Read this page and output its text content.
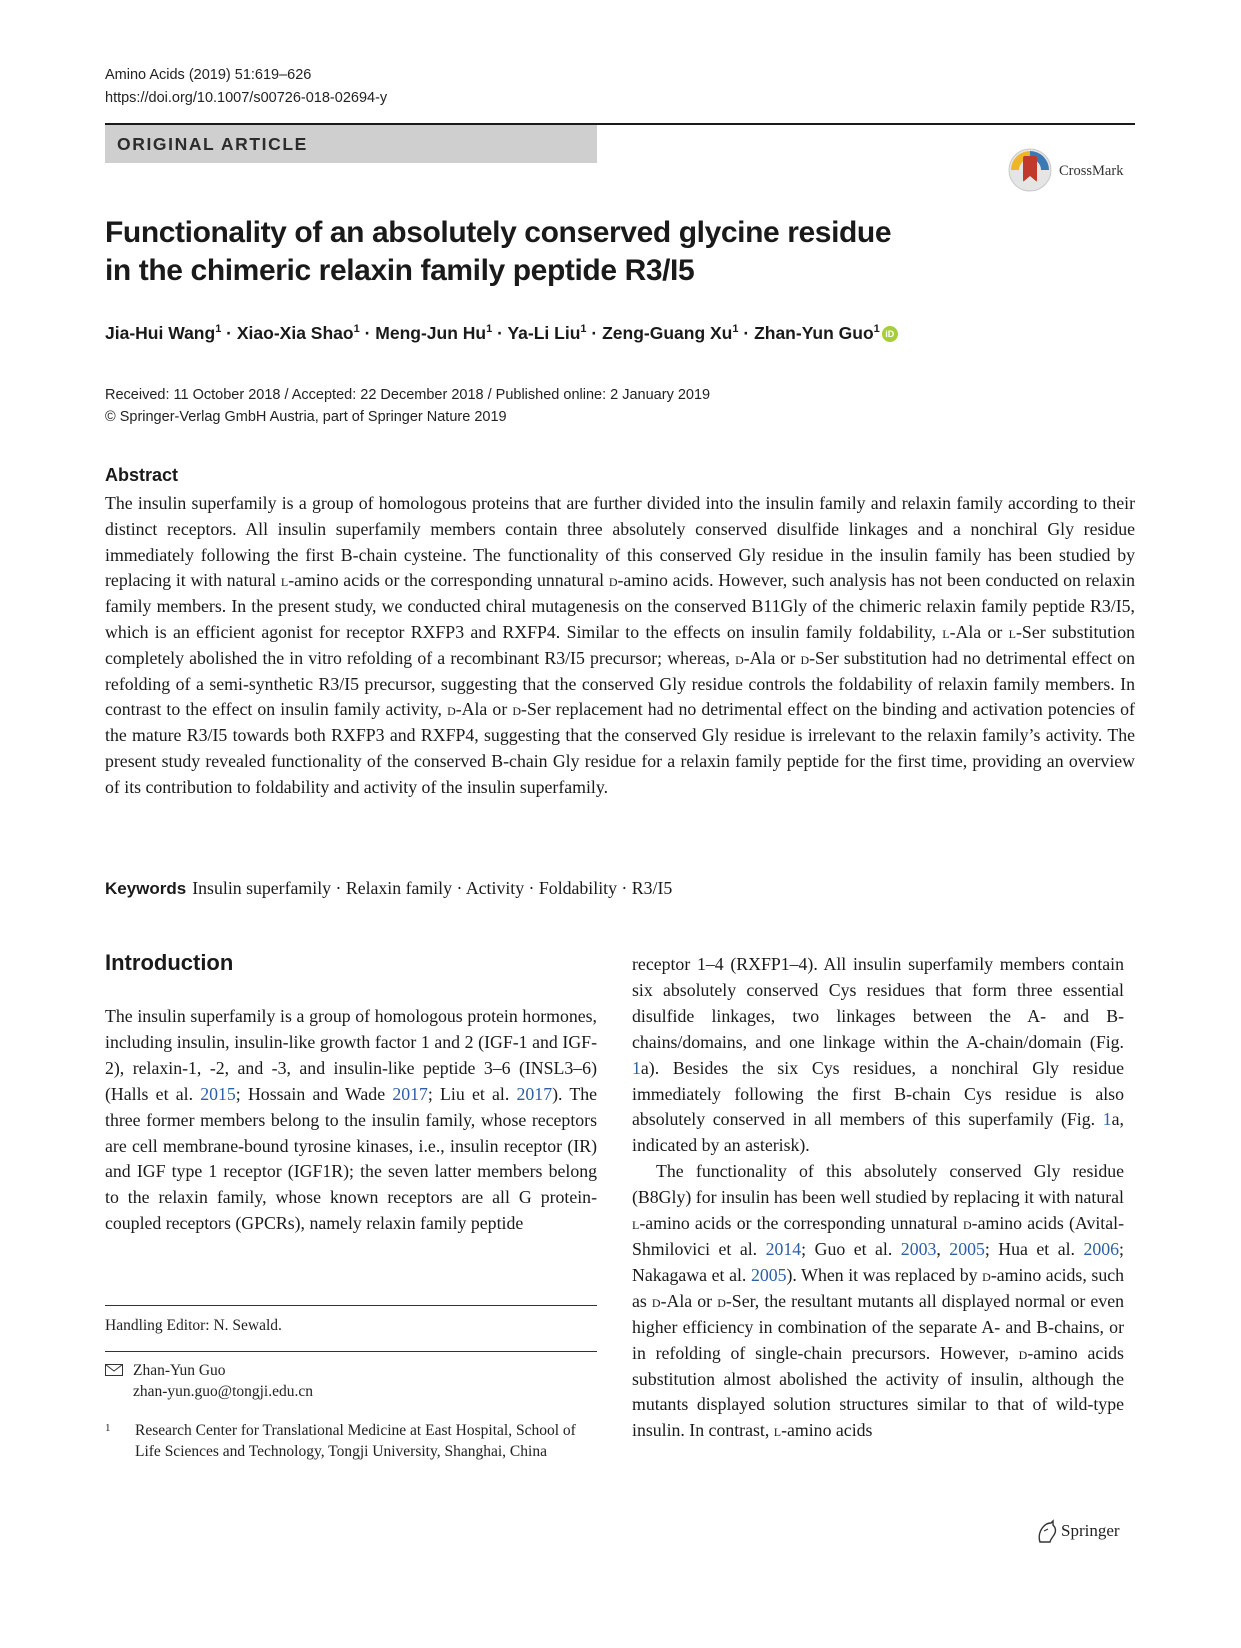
Amino Acids (2019) 51:619–626
https://doi.org/10.1007/s00726-018-02694-y
ORIGINAL ARTICLE
CrossMark
Functionality of an absolutely conserved glycine residue
in the chimeric relaxin family peptide R3/I5
Jia-Hui Wang$^1$ · Xiao-Xia Shao$^1$ · Meng-Jun $Hu^1 \cdot Ya-Li$ Liu$^1$ · Zeng-Guang $Xu^1$ · Zhan-Yun Guo$^1$ iD
Received: 11 October 2018 / Accepted: 22 December 2018 / Published online: 2 January 2019
© Springer-Verlag GmbH Austria, part of Springer Nature 2019
Abstract
The insulin superfamily is a group of homologous proteins that are further divided into the insulin family and relaxin family according to their distinct receptors. All insulin superfamily members contain three absolutely conserved disulfide linkages and a nonchiral Gly residue immediately following the first B-chain cysteine. The functionality of this conserved Gly residue in the insulin family has been studied by replacing it with natural l-amino acids or the corresponding unnatural d-amino acids. However, such analysis has not been conducted on relaxin family members. In the present study, we conducted chiral mutagenesis on the conserved B11Gly of the chimeric relaxin family peptide R3/I5, which is an efficient agonist for receptor RXFP3 and RXFP4. Similar to the effects on insulin family foldability, l-Ala or l-Ser substitution completely abolished the in vitro refolding of a recombinant R3/I5 precursor; whereas, d-Ala or d-Ser substitution had no detrimental effect on refolding of a semi-synthetic R3/I5 precursor, suggesting that the conserved Gly residue controls the foldability of relaxin family members. In contrast to the effect on insulin family activity, d-Ala or d-Ser replacement had no detrimental effect on the binding and activation potencies of the mature R3/I5 towards both RXFP3 and RXFP4, suggesting that the conserved Gly residue is irrelevant to the relaxin family’s activity. The present study revealed functionality of the conserved B-chain Gly residue for a relaxin family peptide for the first time, providing an overview of its contribution to foldability and activity of the insulin superfamily.
Keywords Insulin superfamily · Relaxin family · Activity · Foldability · R3/I5
Introduction

The insulin superfamily is a group of homologous protein hormones, including insulin, insulin-like growth factor 1 and 2 (IGF-1 and IGF-2), relaxin-1, -2, and -3, and insulin-like peptide 3–6 (INSL3–6) (Halls et al. 2015; Hossain and Wade 2017; Liu et al. 2017). The three former members belong to the insulin family, whose receptors are cell membrane-bound tyrosine kinases, i.e., insulin receptor (IR) and IGF type 1 receptor (IGF1R); the seven latter members belong to the relaxin family, whose known receptors are all G protein-coupled receptors (GPCRs), namely relaxin family peptide

receptor 1–4 (RXFP1–4). All insulin superfamily members contain six absolutely conserved Cys residues that form three essential disulfide linkages, two linkages between the A- and B-chains/domains, and one linkage within the A-chain/domain (Fig. 1a). Besides the six Cys residues, a nonchiral Gly residue immediately following the first B-chain Cys residue is also absolutely conserved in all members of this superfamily (Fig. 1a, indicated by an asterisk).

The functionality of this absolutely conserved Gly residue (B8Gly) for insulin has been well studied by replacing it with natural l-amino acids or the corresponding unnatural d-amino acids (Avital-Shmilovici et al. 2014; Guo et al. 2003, 2005; Hua et al. 2006; Nakagawa et al. 2005). When it was replaced by d-amino acids, such as d-Ala or d-Ser, the resultant mutants all displayed normal or even higher efficiency in combination of the separate A- and B-chains, or in refolding of single-chain precursors. However, d-amino acids substitution almost abolished the activity of insulin, although the mutants displayed solution structures similar to that of wild-type insulin. In contrast, l-amino acids

Handling Editor: N. Sewald.
Zhan-Yun Guo
zhan-yun.guo@tongji.edu.cn
1 Research Center for Translational Medicine at East Hospital, School of Life Sciences and Technology, Tongji University, Shanghai, China
Springer
